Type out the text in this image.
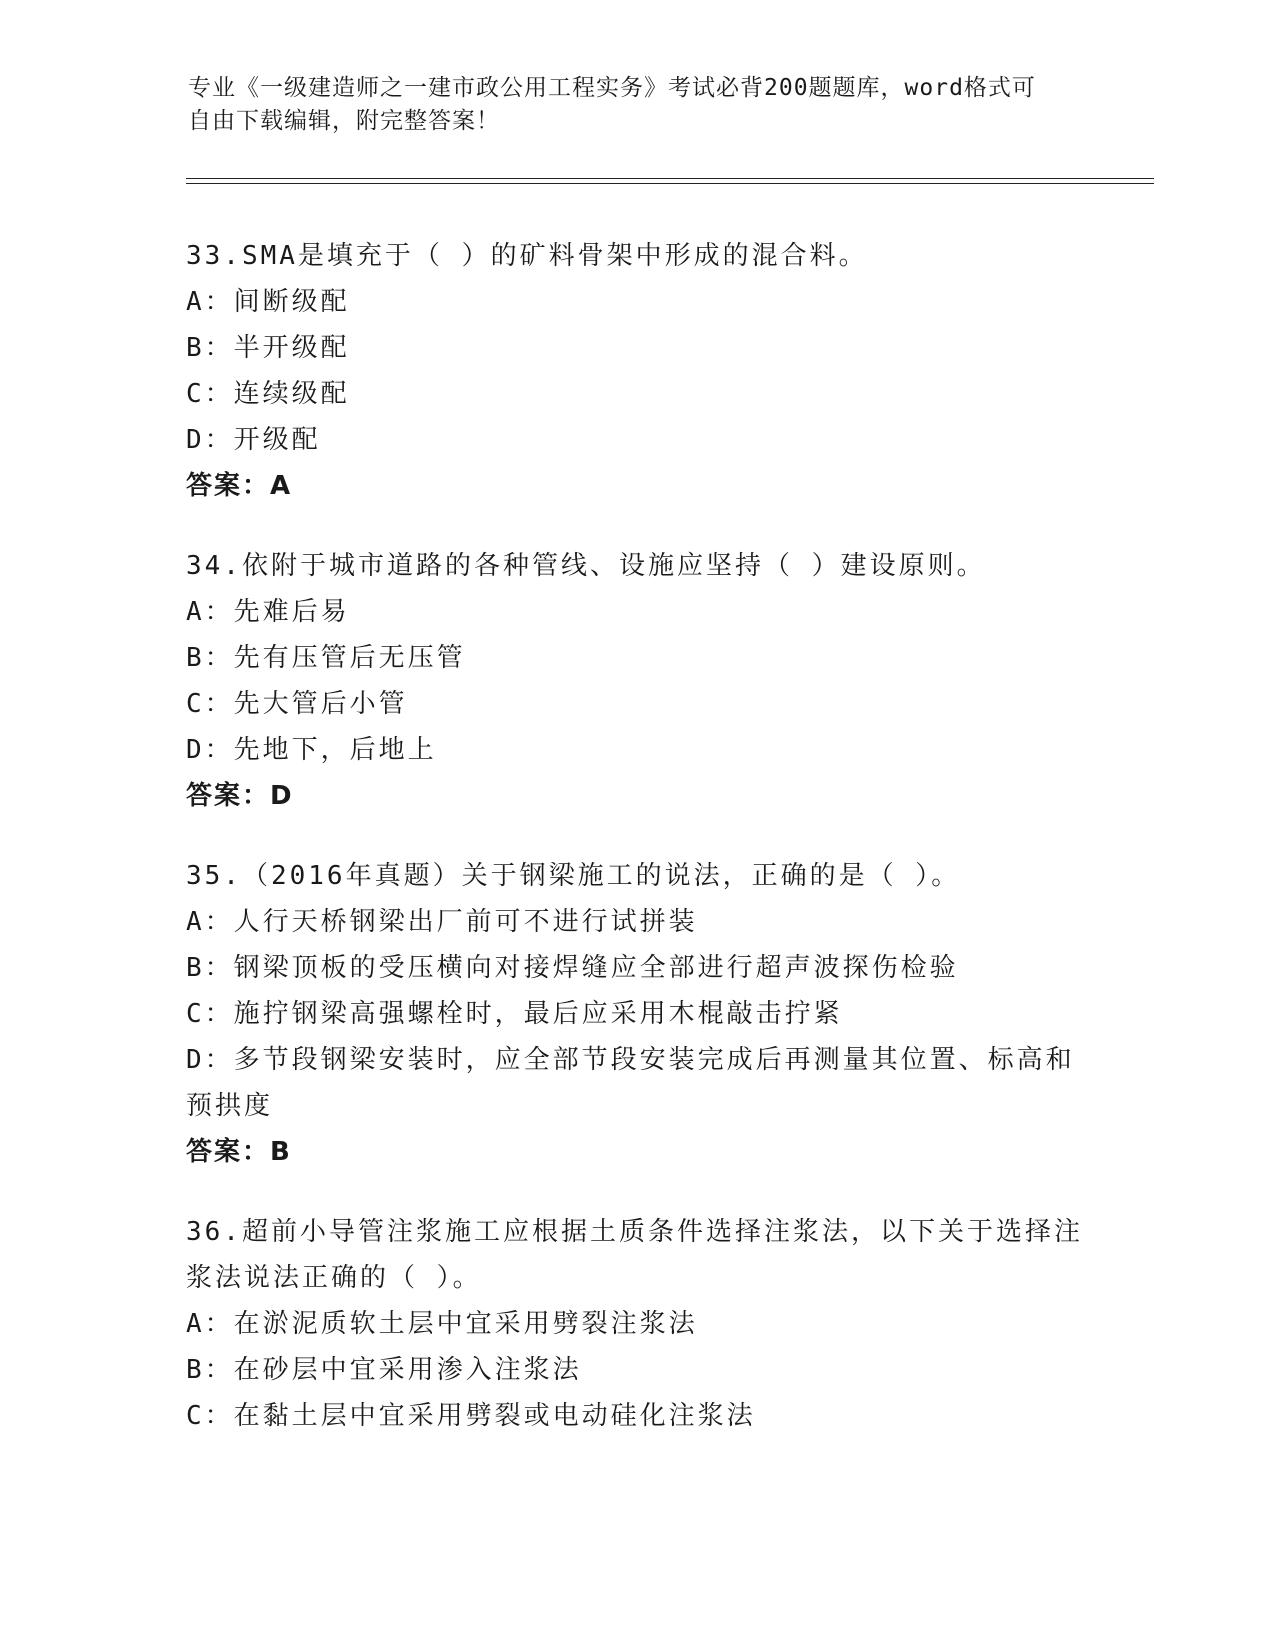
专业《一级建造师之一建市政公用工程实务》考试必背200题题库，word格式可
自由下载编辑，附完整答案！
33.SMA是填充于（ ）的矿料骨架中形成的混合料。
A：间断级配
B：半开级配
C：连续级配
D：开级配
答案：A
34.依附于城市道路的各种管线、设施应坚持（ ）建设原则。
A：先难后易
B：先有压管后无压管
C：先大管后小管
D：先地下，后地上
答案：D
35.（2016年真题）关于钢梁施工的说法，正确的是（ ）。
A：人行天桥钢梁出厂前可不进行试拼装
B：钢梁顶板的受压横向对接焊缝应全部进行超声波探伤检验
C：施拧钢梁高强螺栓时，最后应采用木棍敲击拧紧
D：多节段钢梁安装时，应全部节段安装完成后再测量其位置、标高和
预拱度
答案：B
36.超前小导管注浆施工应根据土质条件选择注浆法，以下关于选择注
浆法说法正确的（ ）。
A：在淤泥质软土层中宜采用劈裂注浆法
B：在砂层中宜采用渗入注浆法
C：在黏土层中宜采用劈裂或电动硅化注浆法
